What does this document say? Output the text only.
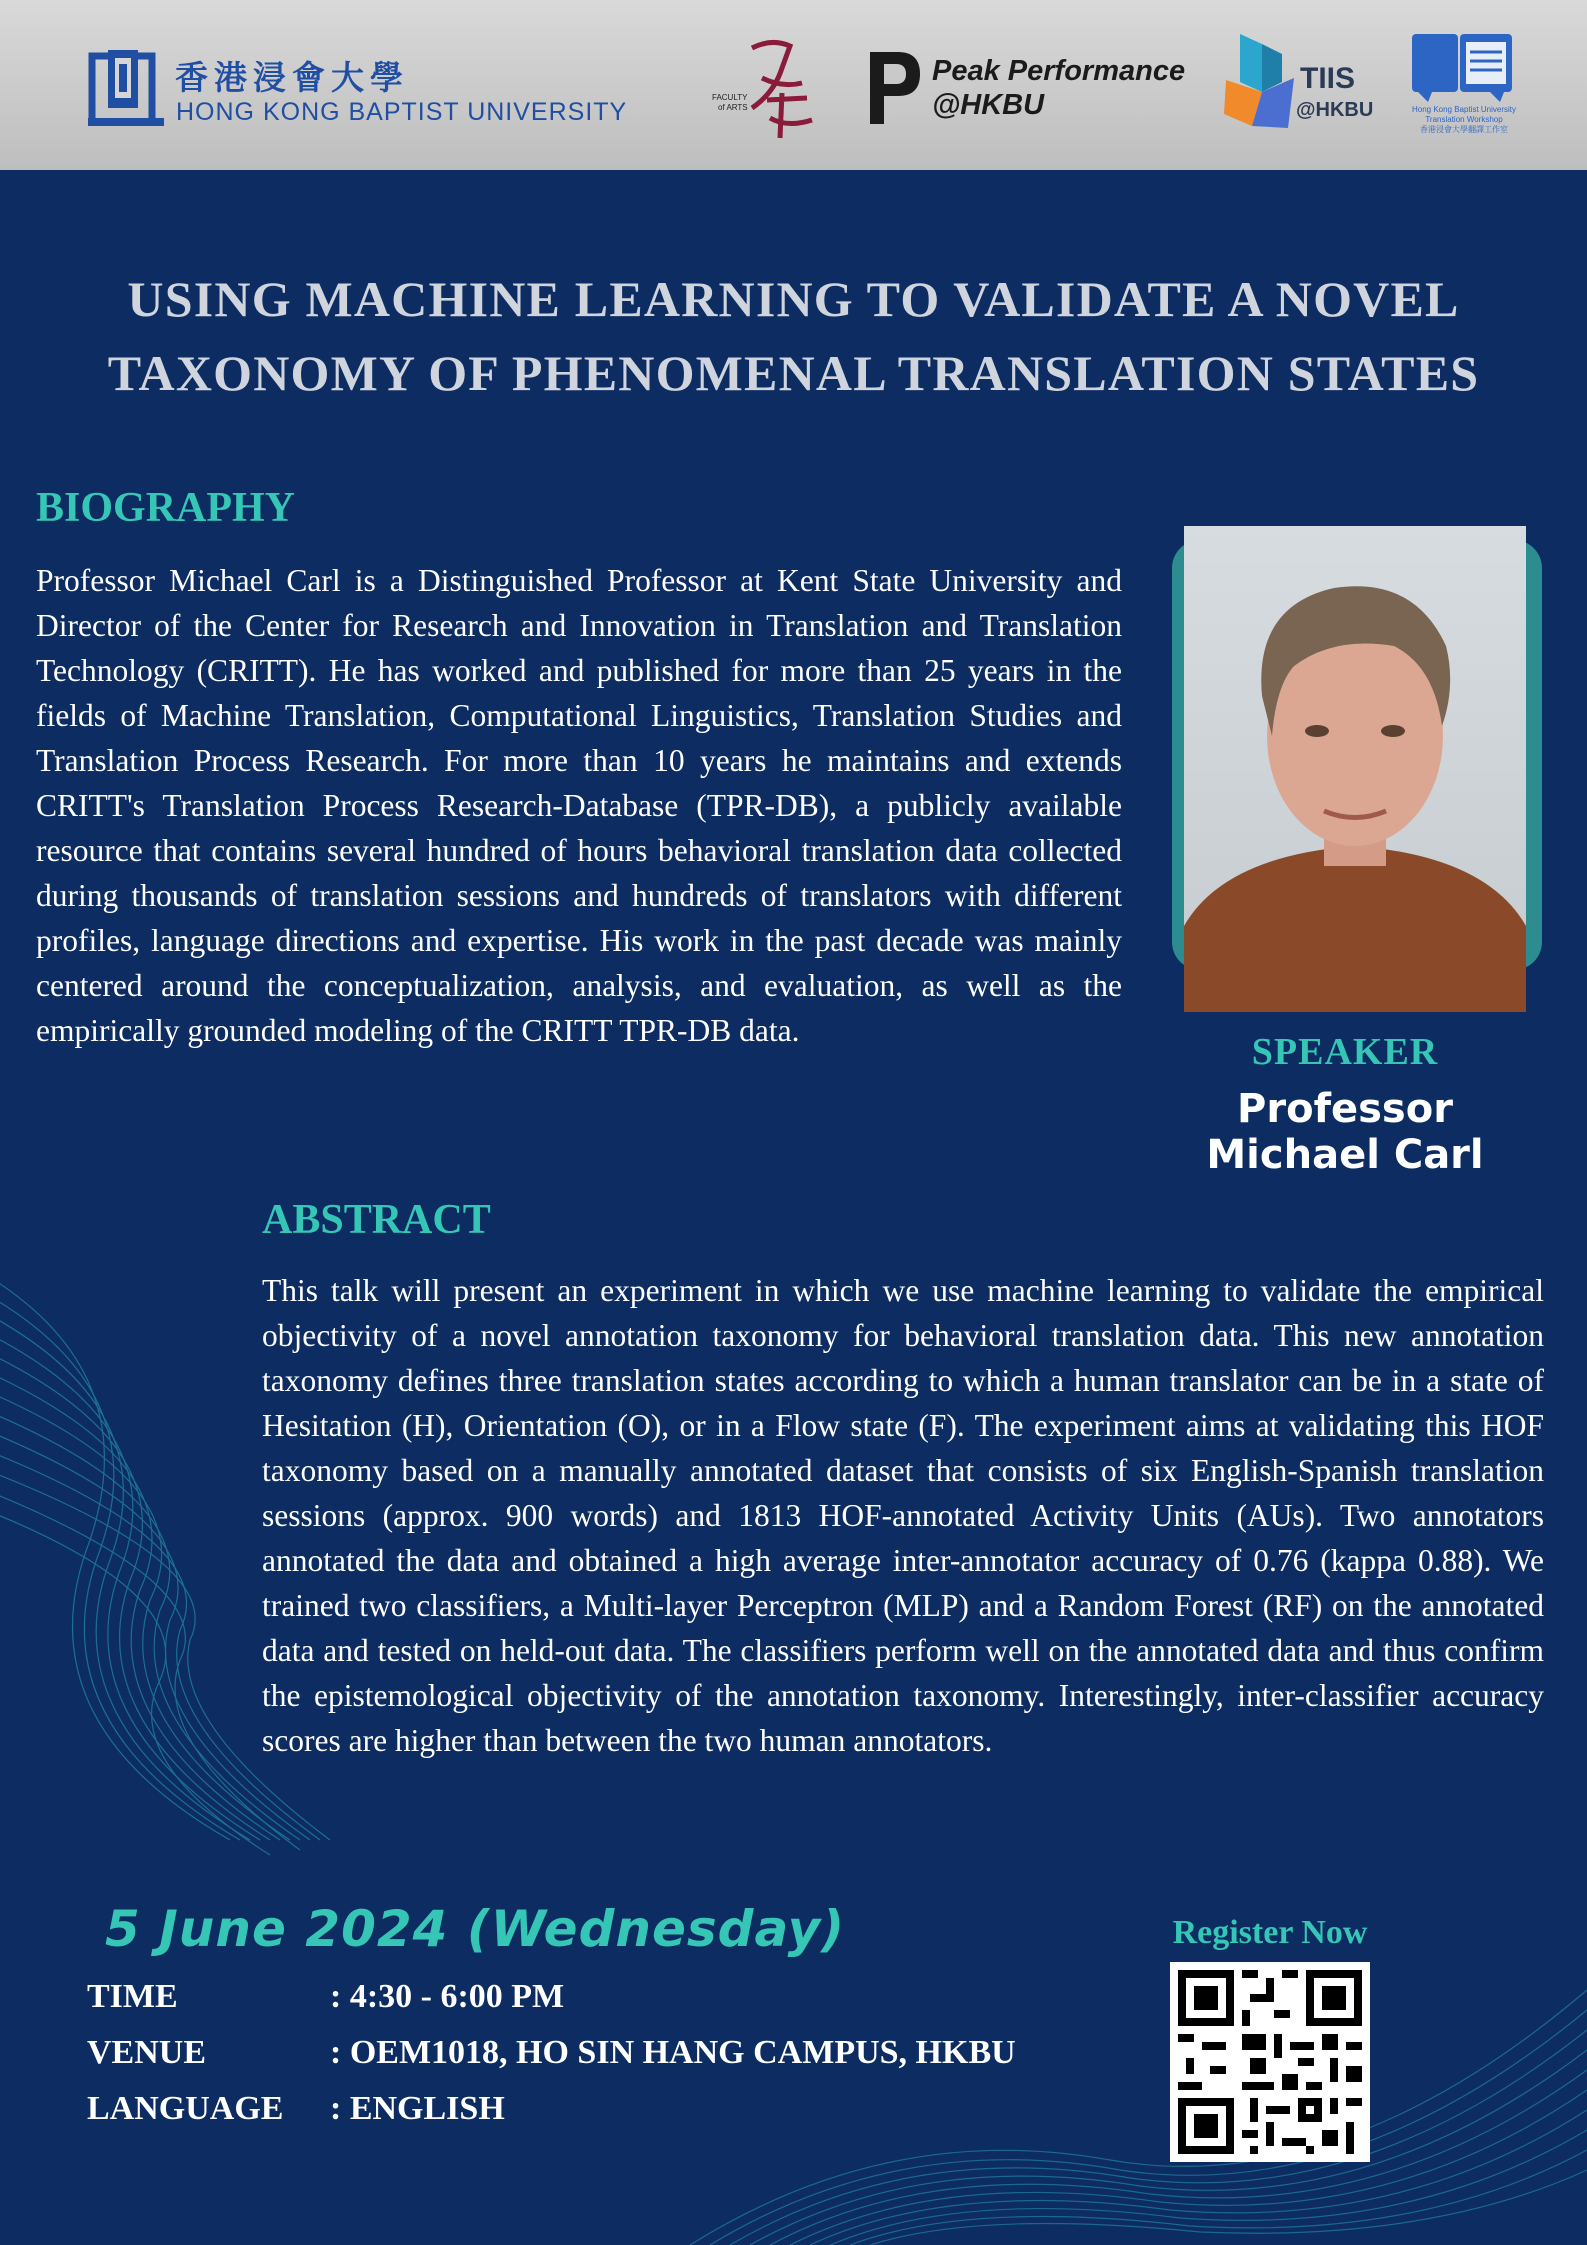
香港浸會大學
HONG KONG BAPTIST UNIVERSITY
FACULTY
of ARTS
Peak Performance
@HKBU
TIIS
@HKBU	Hong Kong Baptist University
Translation Workshop
香港浸會大學翻譯工作室
USING MACHINE LEARNING TO VALIDATE A NOVEL TAXONOMY OF PHENOMENAL TRANSLATION STATES
BIOGRAPHY
Professor Michael Carl is a Distinguished Professor at Kent State University and Director of the Center for Research and Innovation in Translation and Translation Technology (CRITT). He has worked and published for more than 25 years in the fields of Machine Translation, Computational Linguistics, Translation Studies and Translation Process Research. For more than 10 years he maintains and extends CRITT's Translation Process Research-Database (TPR-DB), a publicly available resource that contains several hundred of hours behavioral translation data collected during thousands of translation sessions and hundreds of translators with different profiles, language directions and expertise. His work in the past decade was mainly centered around the conceptualization, analysis, and evaluation, as well as the empirically grounded modeling of the CRITT TPR-DB data.
SPEAKER
Professor
Michael Carl
ABSTRACT
This talk will present an experiment in which we use machine learning to validate the empirical objectivity of a novel annotation taxonomy for behavioral translation data. This new annotation taxonomy defines three translation states according to which a human translator can be in a state of Hesitation (H), Orientation (O), or in a Flow state (F). The experiment aims at validating this HOF taxonomy based on a manually annotated dataset that consists of six English-Spanish translation sessions (approx. 900 words) and 1813 HOF-annotated Activity Units (AUs). Two annotators annotated the data and obtained a high average inter-annotator accuracy of 0.76 (kappa 0.88). We trained two classifiers, a Multi-layer Perceptron (MLP) and a Random Forest (RF) on the annotated data and tested on held-out data. The classifiers perform well on the annotated data and thus confirm the epistemological objectivity of the annotation taxonomy. Interestingly, inter-classifier accuracy scores are higher than between the two human annotators.
5 June 2024 (Wednesday)
TIME	: 4:30 - 6:00 PM
VENUE	: OEM1018, HO SIN HANG CAMPUS, HKBU
LANGUAGE : ENGLISH
Register Now
